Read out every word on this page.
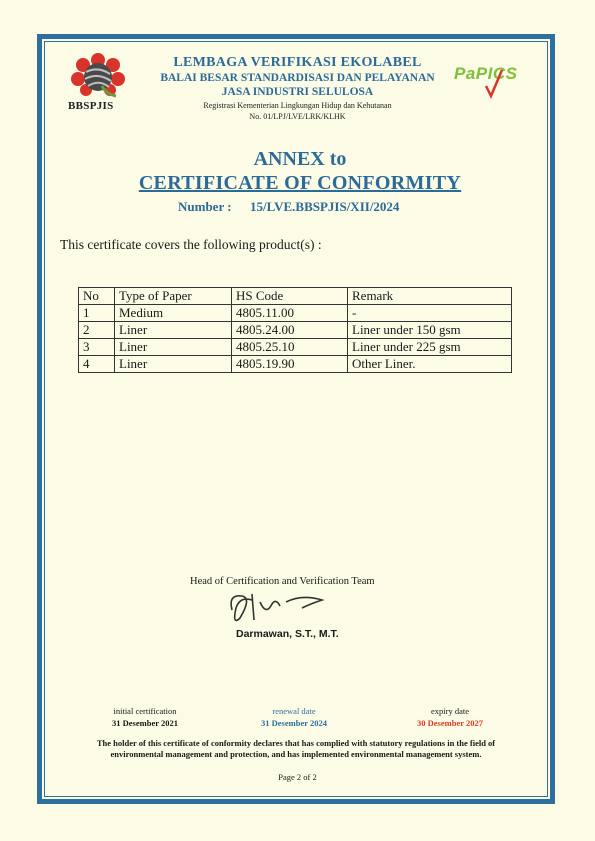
BBSPJIS
LEMBAGA VERIFIKASI EKOLABEL
BALAI BESAR STANDARDISASI DAN PELAYANAN
JASA INDUSTRI SELULOSA
Registrasi Kementerian Lingkungan Hidup dan Kehutanan
No. 01/LPJ/LVE/LRK/KLHK
PaPICS
ANNEX to
CERTIFICATE OF CONFORMITY
Number : 15/LVE.BBSPJIS/XII/2024
This certificate covers the following product(s) :
No	Type of Paper	HS Code	Remark
1	Medium	4805.11.00	-
2	Liner	4805.24.00	Liner under 150 gsm
3	Liner	4805.25.10	Liner under 225 gsm
4	Liner	4805.19.90	Other Liner.
Head of Certification and Verification Team
Darmawan, S.T., M.T.
initial certification
31 Desember 2021
renewal date
31 Desember 2024
expiry date
30 Desember 2027
The holder of this certificate of conformity declares that has complied with statutory regulations in the field of
environmental management and protection, and has implemented environmental management system.
Page 2 of 2
